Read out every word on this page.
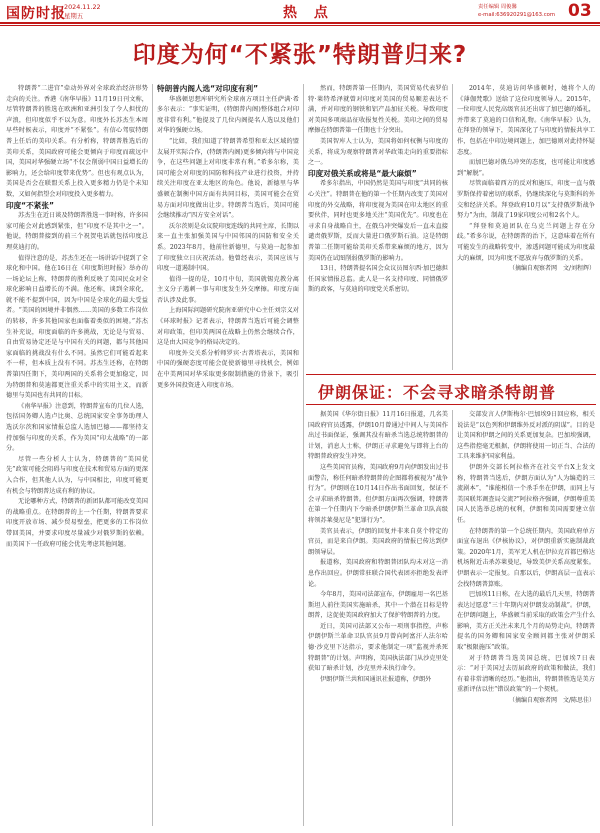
国防时报
2024.11.22
星期五	热 点	责任编辑 周俊馨
e-mail:636920291@163.com 03
印度为何“不紧张”特朗普归来?

特朗普“二进宫”牵动外界对全球政治经济形势走向的关注。香港《南华早报》11月19日刊文称，尽管特朗普的胜选在欧洲和亚洲引发了令人担忧的声浪，但印度似乎不以为意。印度外长苏杰生本周早些时候表示，印度并“不紧张”。有信心驾驭特朗普上任后的美印关系。有分析称，特朗普胜选后的美印关系，美国政府可能会更倾向于印度而疏远中国，美国对华强硬立场“不仅会削弱中国日益增长的影响力，还会给印度带来优势”。但也有观点认为，美国是否会在联盟关系上投入更多精力仍是个未知数，又如何指望会对印度投入更多精力。

印度“不紧张”

苏杰生在近日谈及特朗普胜选一事时称，许多国家可能会对此感到紧张，但“印度不是其中之一”。他说，特朗普接到的前三个祝贺电话就包括印度总理莫迪打的。

值得注意的是，苏杰生还在一场讲话中提到了全球化和中国。他在16日在《印度斯坦时报》举办的一场论坛上称，特朗普的胜利反映了美国民众对全球化影响日益增长的不满。他还称，谈到全球化，就不能不提到中国，因为中国是全球化的最大受益者。“美国的困境并非偶然……美国的多数工作岗位的转移，许多其他国家也面临着类似的困境。”苏杰生补充说，印度面临的许多挑战，无论是与贸易、自由贸易协定还是与中国有关的问题，都与其他国家面临的挑战没有什么不同。虽然它们可能看起来不一样，但本质上没有不同。苏杰生还称，在特朗普第四任期下，美印两国的关系将会更加稳定，因为特朗普和莫迪都更注重关系中的实用主义，而新德里与美国也有共同的目标。

《南华早报》注意到，特朗普宣布的几位人选，包括国务卿人选卢比奥、总统国家安全事务助理人选沃尔茨和国家情报总监人选加巴德——都坚持支持加强与印度的关系，作为美国“印太战略”的一部分。

尽管一些分析人士认为，特朗普的“美国优先”政策可能会阻碍与印度在技术和贸易方面的更深入合作，但其他人认为，与中国相比，印度可能更有机会与特朗普达成有利的协议。

无论哪种方式，特朗普的新团队都可能改变美国的战略重点。在特朗普的上一个任期，特朗普要求印度开放市场、减少贸易壁垒，把更多的工作岗位带回美国，并要求印度尽量减少对俄罗斯的依赖。而美国下一任政府可能会优先考虑其他问题。

特朗普内阁人选“对印度有利”

华盛顿思想库研究所全球南方项目主任萨满·希多尔表示：“事实证明，(特朗普内阁)整体组合对印度非常有利。”他提及了几位内阁提名人选以及他们对华的强硬立场。

“比如，我们知道了特朗普希望和亚太区域的盟友展开实际合作，(特朗普内阁)更多倾向将与中国竞争，在这些问题上对印度非常有利。”希多尔称，美国可能会对印度的国防和科技产业进行投资，并持续关注印度在亚太地区的角色。他说，新德里与华盛顿在制衡中国方面有共同目标，美国可能会在贸易方面对印度做出让步。特朗普当选后，美国可能会继续推动“四方安全对话”。

沃尔茨则是众议院印度连线的共同主席，长期以来一直主张加强美国与中国邻国的国防和安全关系。2023年8月，他前往新德里，与莫迪一起参加了印度独立日庆祝活动。他曾经表示，美国应该与印度一道遏制中国。

值得一提的是，10月中旬，美国就锡克教分离主义分子遇刺一事与印度发生外交摩擦。印度方面否认涉及此事。

上海国际问题研究院南亚研究中心主任刘宗义对《环球时报》记者表示，特朗普当选后可能会调整对印政策，但印美两国在战略上仍然会继续合作，这是由大国竞争的格局决定的。

印度外交关系分析师罗宾·古普塔表示，美国和中国的强硬态度可能会促使新德里寻找机会，例如在中美两国对华采取更多限制措施的背景下，吸引更多外国投资进入印度市场。

然而，特朗普第一任期内，美国贸易代表罗伯特·莱特希泽就曾对印度对美国的贸易顺差表达不满，并对印度的钢铁和铝产品加征关税。导致印度对美国多项商品征收报复性关税。美印之间的贸易摩擦在特朗普第一任期也十分突出。

美国智库人士认为，美国将如何权衡与印度的关系，将成为观察特朗普对华政策走向的重要指标之一。

印度对俄关系或将是“最大麻烦”

希多尔指出，中国仍然是美国与印度“共同的核心关注”。特朗普在他的第一个任期内改变了美国对印度的外交战略，将印度视为美国在印太地区的重要伙伴，同时也更多地关注“美国优先”。印度也在寻求自身战略自主，在俄乌冲突爆发后一直未直接谴责俄罗斯，反而大量进口俄罗斯石油。这是特朗普第二任期可能给美印关系带来麻烦的地方，因为美国仍在试图削弱俄罗斯的影响力。

13日，特朗普提名国会众议员图尔西·加巴德担任国家情报总监。此人是一名支持印度、同情俄罗斯的政客，与莫迪的印度党关系密切。

2014年，莫迪访问华盛顿时，她将个人的《薄伽梵歌》送给了这位印度领导人。2015年，一位印度人民党高级官员还出席了加巴德的婚礼，并带来了莫迪的口信和礼物。《南华早报》认为，在拜登的领导下，美国深化了与印度的情报共享工作，包括在中印边境问题上，加巴德则对此持怀疑态度。

而加巴德对俄乌冲突的态度，也可能让印度感到“解脱”。

尽管面临着西方的反对和施压，印度一直与俄罗斯保持着密切的联系，仍继续深化与莫斯科的外交和经济关系。拜登政府10月以“支持俄罗斯战争努力”为由，制裁了19家印度公司和2名个人。

“拜登和莫迪团队在乌克兰问题上存在分歧。”希多尔说，在特朗普的治下，这意味着在所有可能发生的战略转变中，渗透问题可能成为印度最大的麻烦，因为印度不愿放弃与俄罗斯的关系。

（摘编自观察者网　文/刘程辉）

伊朗保证：不会寻求暗杀特朗普

据美国《华尔街日报》11月16日报道，几名美国政府官员透露，伊朗10月曾通过中间人与美国作出过书面保证，强调其没有暗杀当选总统特朗普的计划，消息人士称，伊朗正寻求避免与即将上台的特朗普政府发生冲突。

这些美国官员称，美国政府9月向伊朗发出过书面警告，称任何暗杀特朗普的企图都将被视为“战争行为”。伊朗则在10月14日作出书面回复，保证不会寻求暗杀特朗普。但伊朗方面再次强调，特朗普在第一个任期内下令暗杀伊朗伊斯兰革命卫队高级将领苏莱曼尼是“犯罪行为”。

美官员表示，伊朗的回复并非来自莫个特定的官员，而是来自伊朗。美国政府的情报已传达到伊朗领导层。

报道称，美国政府和特朗普团队均未对这一消息作出回应。伊朗常驻联合国代表团亦拒绝发表评论。

今年8月，美国司法部宣布，伊朗雇用一名巴基斯坦人前往美国实施暗杀，其中一个潜在目标是特朗普，这促使美国政府加大了保护特朗普的力度。

近日，美国司法部又公布一项刑事指控，声称伊朗伊斯兰革命卫队官员9月曾向阿富汗人法尔哈德·沙克里下达指示，要求他制定一项“监视并杀死特朗普”的计划。声明称，美国执法部门从沙克里处获知了暗杀计划，沙克里并未执行命令。

伊朗伊斯兰共和国通讯社报道称，伊朗外

交部发言人伊斯梅尔·巴加埃9日回应称，相关说法是“以色列和伊朗维外反对派的阴谋”。目的是让美国和伊朗之间的关系更加复杂。巴加埃强调，这些指控毫无根据，伊朗将使用一切正当、合法的工具来维护国家利益。

伊朗外交部长阿拉格齐在社交平台X上发文称，特朗普当选后，伊朗方面认为“人为编造的三流剧本”，“谁能相信一个杀手坐在伊朗，而同上与美国联邦调查局交流?”阿拉格齐强调，伊朗尊重美国人民选举总统的权利，伊朗和美国需要建立信任。

在特朗普的第一个总统任期内，美国政府单方面宣布退出《伊核协议》，对伊朗重新实施制裁政策。2020年1月，美军无人机在伊拉克首都巴格达机场附近击杀苏莱曼尼，导致美伊关系高度紧张。伊朗表示一定报复。自那以后，伊朗高层一直表示会找特朗普算账。

巴加埃11日称，在大选的最后几天里，特朗普表达过愿意“三十年期内对伊朗发动制裁”。伊朗，在伊朗问题上，华盛顿当前采取的政策会产生什么影响，美方正关注未来几个月的局势走向，特朗普提名的国务卿和国家安全顾问都主张对伊朗采取“极限施压”政策。

对于特朗普当选美国总统，巴加埃7日表示：“对于美国过去历届政府的政策和做法，我们有着非常清晰的经历。”他指出，特朗普胜选是美方重新评估以往“错误政策”的一个契机。

（摘编自观察者网　文/陈思佳）
